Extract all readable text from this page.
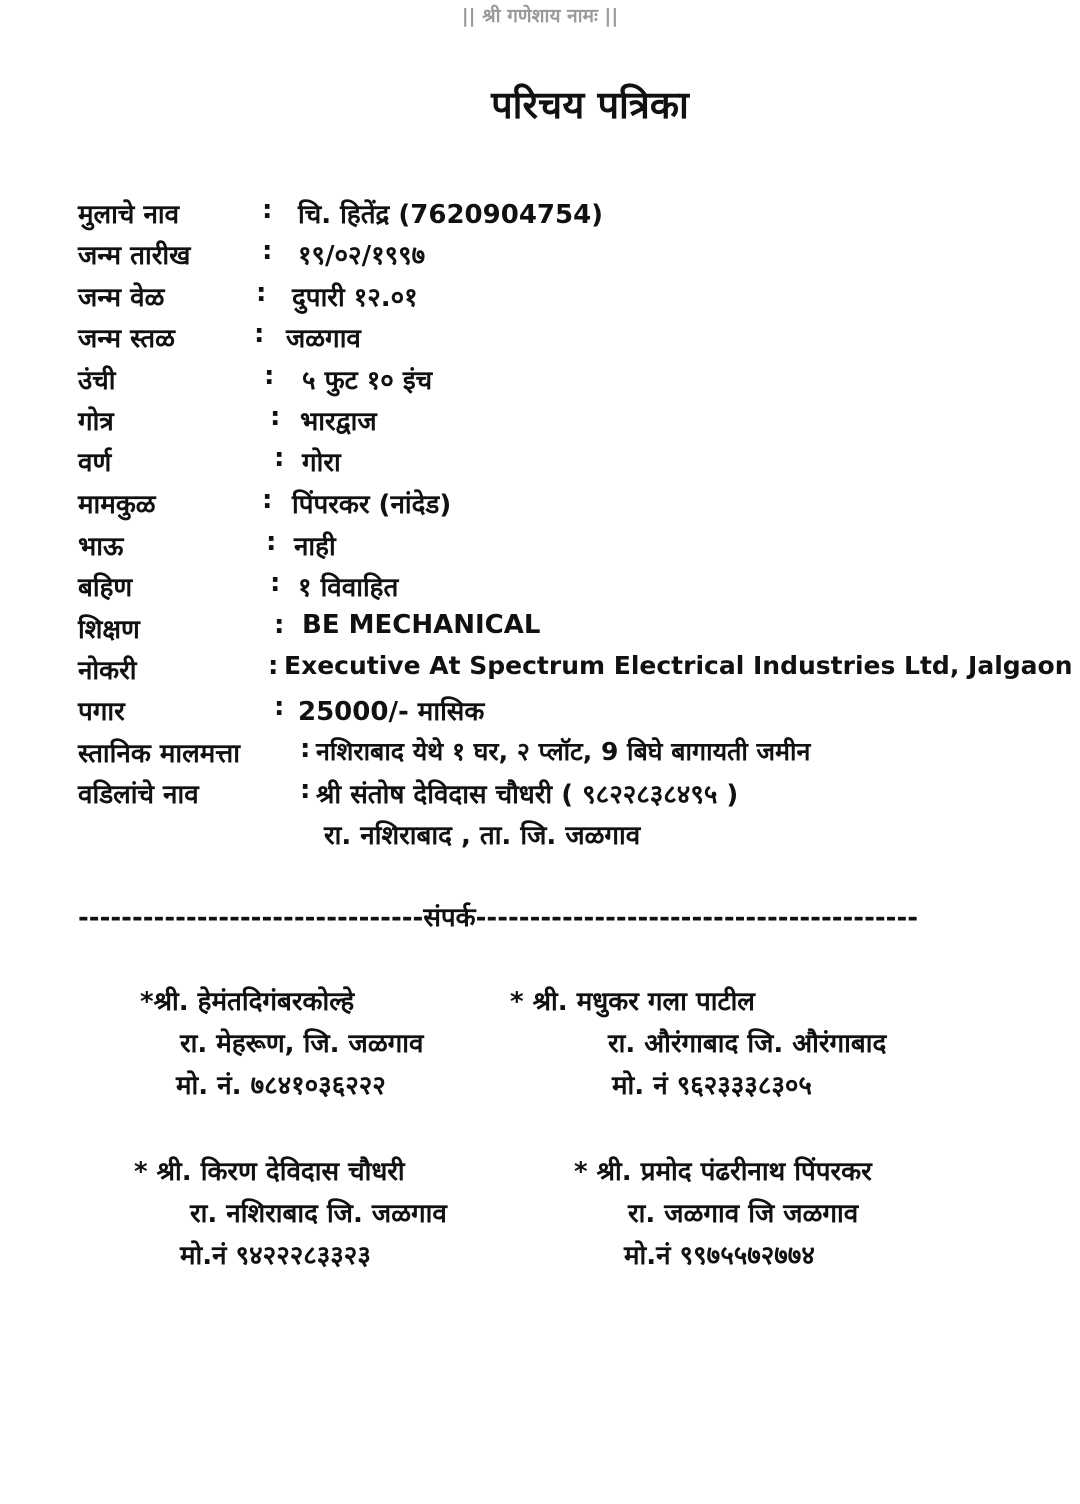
|| श्री गणेशाय नामः ||
परिचय पत्रिका
मुलाचे नाव	: चि. हितेंद्र (7620904754)
जन्म तारीख	: १९/०२/१९९७
जन्म वेळ	: दुपारी १२.०१
जन्म स्तळ	: जळगाव
उंची	: ५ फुट १० इंच
गोत्र	: भारद्वाज
वर्ण	: गोरा
मामकुळ	: पिंपरकर (नांदेड)
भाऊ	: नाही
बहिण	: १ विवाहित
शिक्षण	: BE MECHANICAL
नोकरी	: Executive At Spectrum Electrical Industries Ltd, Jalgaon
पगार	: 25000/- मासिक
स्तानिक मालमत्ता : नशिराबाद येथे १ घर, २ प्लॉट, 9 बिघे बागायती जमीन
वडिलांचे नाव	: श्री संतोष देविदास चौधरी ( ९८२२८३८४९५ )
रा. नशिराबाद , ता. जि. जळगाव
--------------------------------संपर्क-----------------------------------------
*श्री. हेमंतदिगंबरकोल्हे
रा. मेहरूण, जि. जळगाव
मो. नं. ७८४१०३६२२२
* श्री. मधुकर गला पाटील
रा. औरंगाबाद जि. औरंगाबाद
मो. नं ९६२३३३८३०५
* श्री. किरण देविदास चौधरी
रा. नशिराबाद जि. जळगाव
मो.नं ९४२२२८३३२३
* श्री. प्रमोद पंढरीनाथ पिंपरकर
रा. जळगाव जि जळगाव
मो.नं ९९७५५७२७७४
